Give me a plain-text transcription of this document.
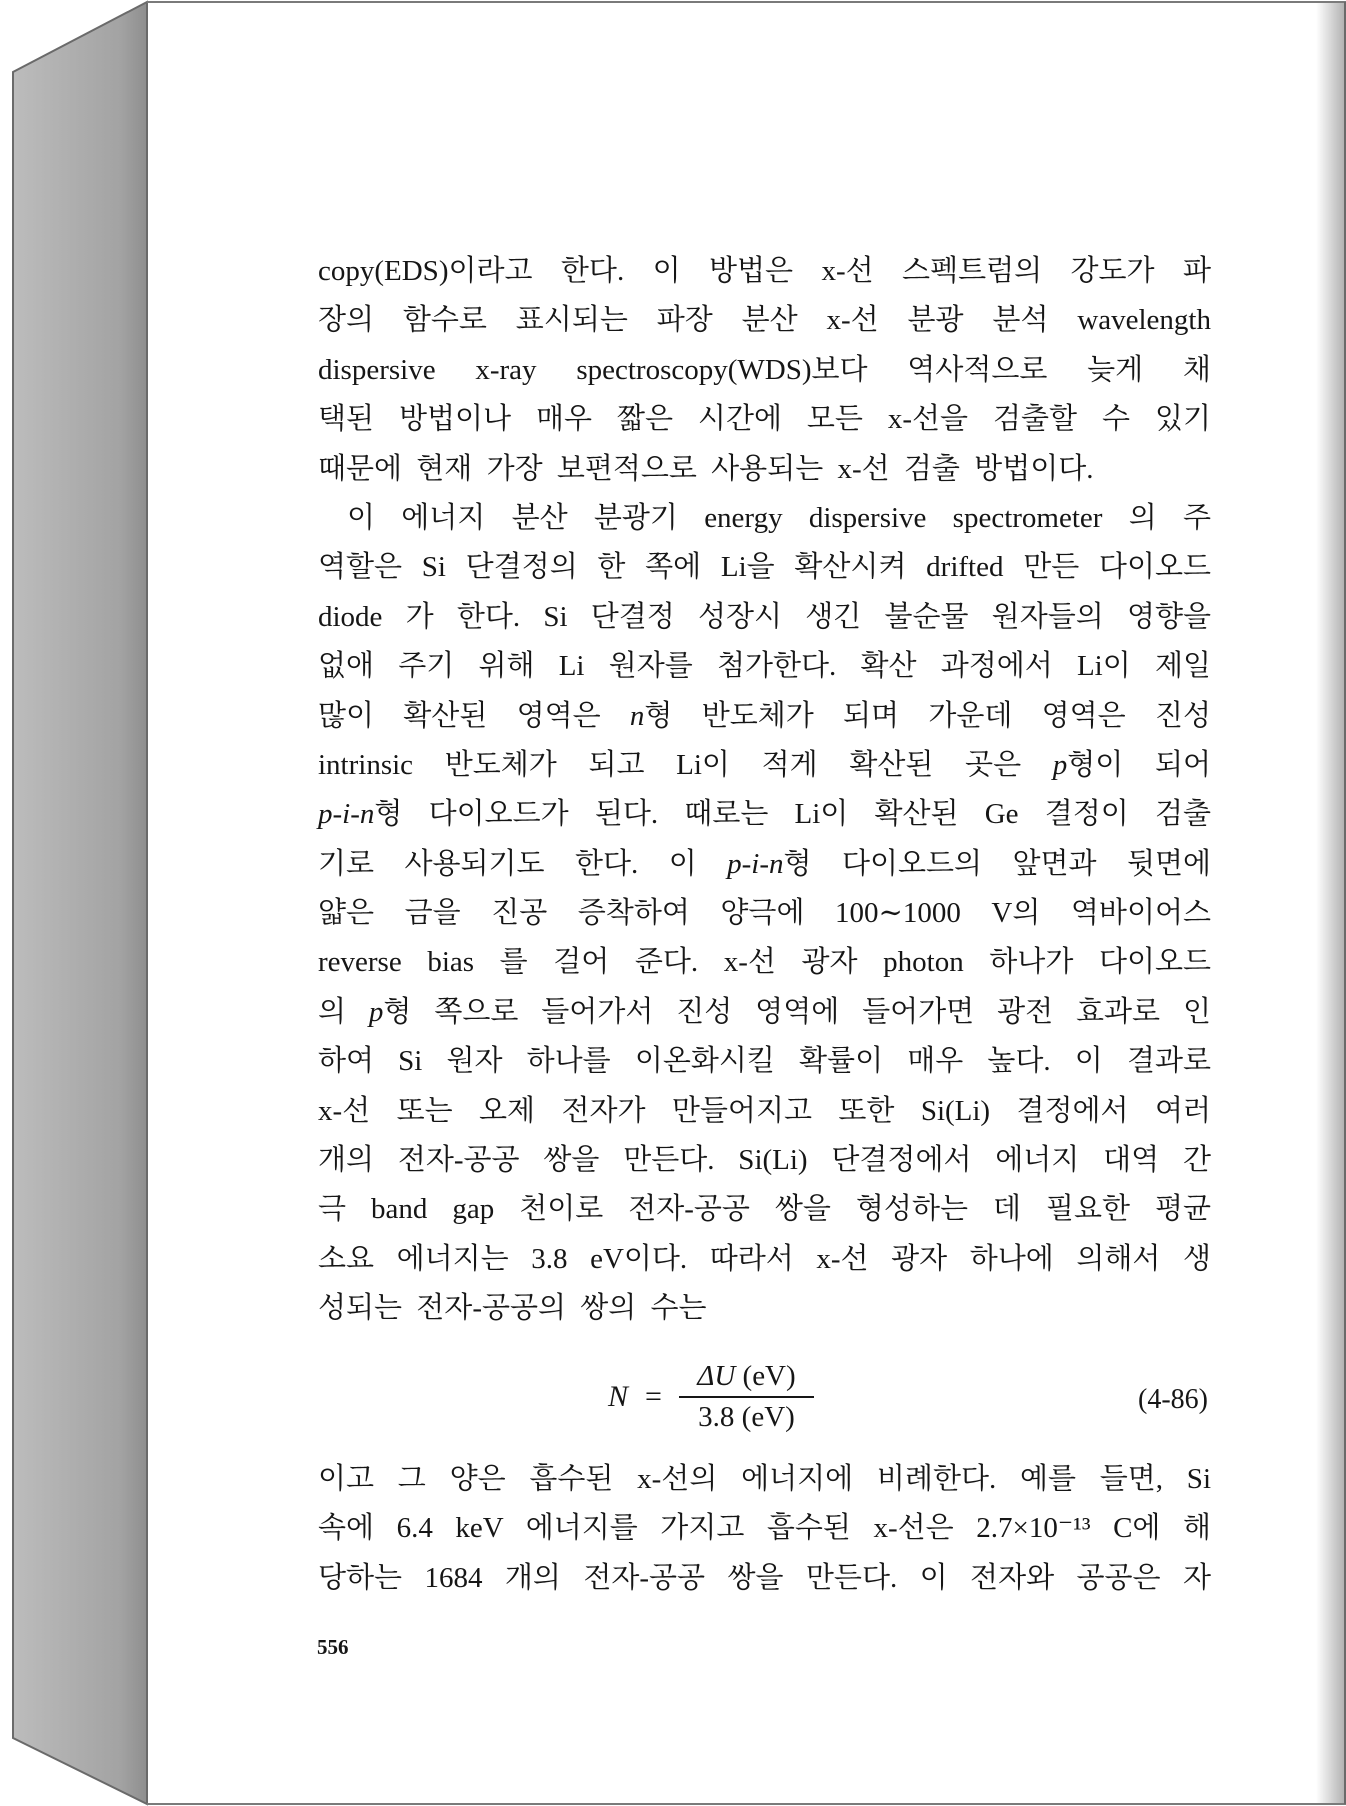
copy(EDS)이라고 한다. 이 방법은 x-선 스펙트럼의 강도가 파
장의 함수로 표시되는 파장 분산 x-선 분광 분석 wavelength
dispersive x-ray spectroscopy(WDS)보다 역사적으로 늦게 채
택된 방법이나 매우 짧은 시간에 모든 x-선을 검출할 수 있기
때문에 현재 가장 보편적으로 사용되는 x-선 검출 방법이다.
이 에너지 분산 분광기 energy dispersive spectrometer 의 주
역할은 Si 단결정의 한 쪽에 Li을 확산시켜 drifted 만든 다이오드
diode 가 한다. Si 단결정 성장시 생긴 불순물 원자들의 영향을
없애 주기 위해 Li 원자를 첨가한다. 확산 과정에서 Li이 제일
많이 확산된 영역은 n형 반도체가 되며 가운데 영역은 진성
intrinsic 반도체가 되고 Li이 적게 확산된 곳은 p형이 되어
p-i-n형 다이오드가 된다. 때로는 Li이 확산된 Ge 결정이 검출
기로 사용되기도 한다. 이 p-i-n형 다이오드의 앞면과 뒷면에
얇은 금을 진공 증착하여 양극에 100∼1000 V의 역바이어스
reverse bias 를 걸어 준다. x-선 광자 photon 하나가 다이오드
의 p형 쪽으로 들어가서 진성 영역에 들어가면 광전 효과로 인
하여 Si 원자 하나를 이온화시킬 확률이 매우 높다. 이 결과로
x-선 또는 오제 전자가 만들어지고 또한 Si(Li) 결정에서 여러
개의 전자-공공 쌍을 만든다. Si(Li) 단결정에서 에너지 대역 간
극 band gap 천이로 전자-공공 쌍을 형성하는 데 필요한 평균
소요 에너지는 3.8 eV이다. 따라서 x-선 광자 하나에 의해서 생
성되는 전자-공공의 쌍의 수는
N =
ΔU (eV)
3.8 (eV)
(4-86)
이고 그 양은 흡수된 x-선의 에너지에 비례한다. 예를 들면, Si
속에 6.4 keV 에너지를 가지고 흡수된 x-선은 2.7×10⁻¹³ C에 해
당하는 1684 개의 전자-공공 쌍을 만든다. 이 전자와 공공은 자
556
